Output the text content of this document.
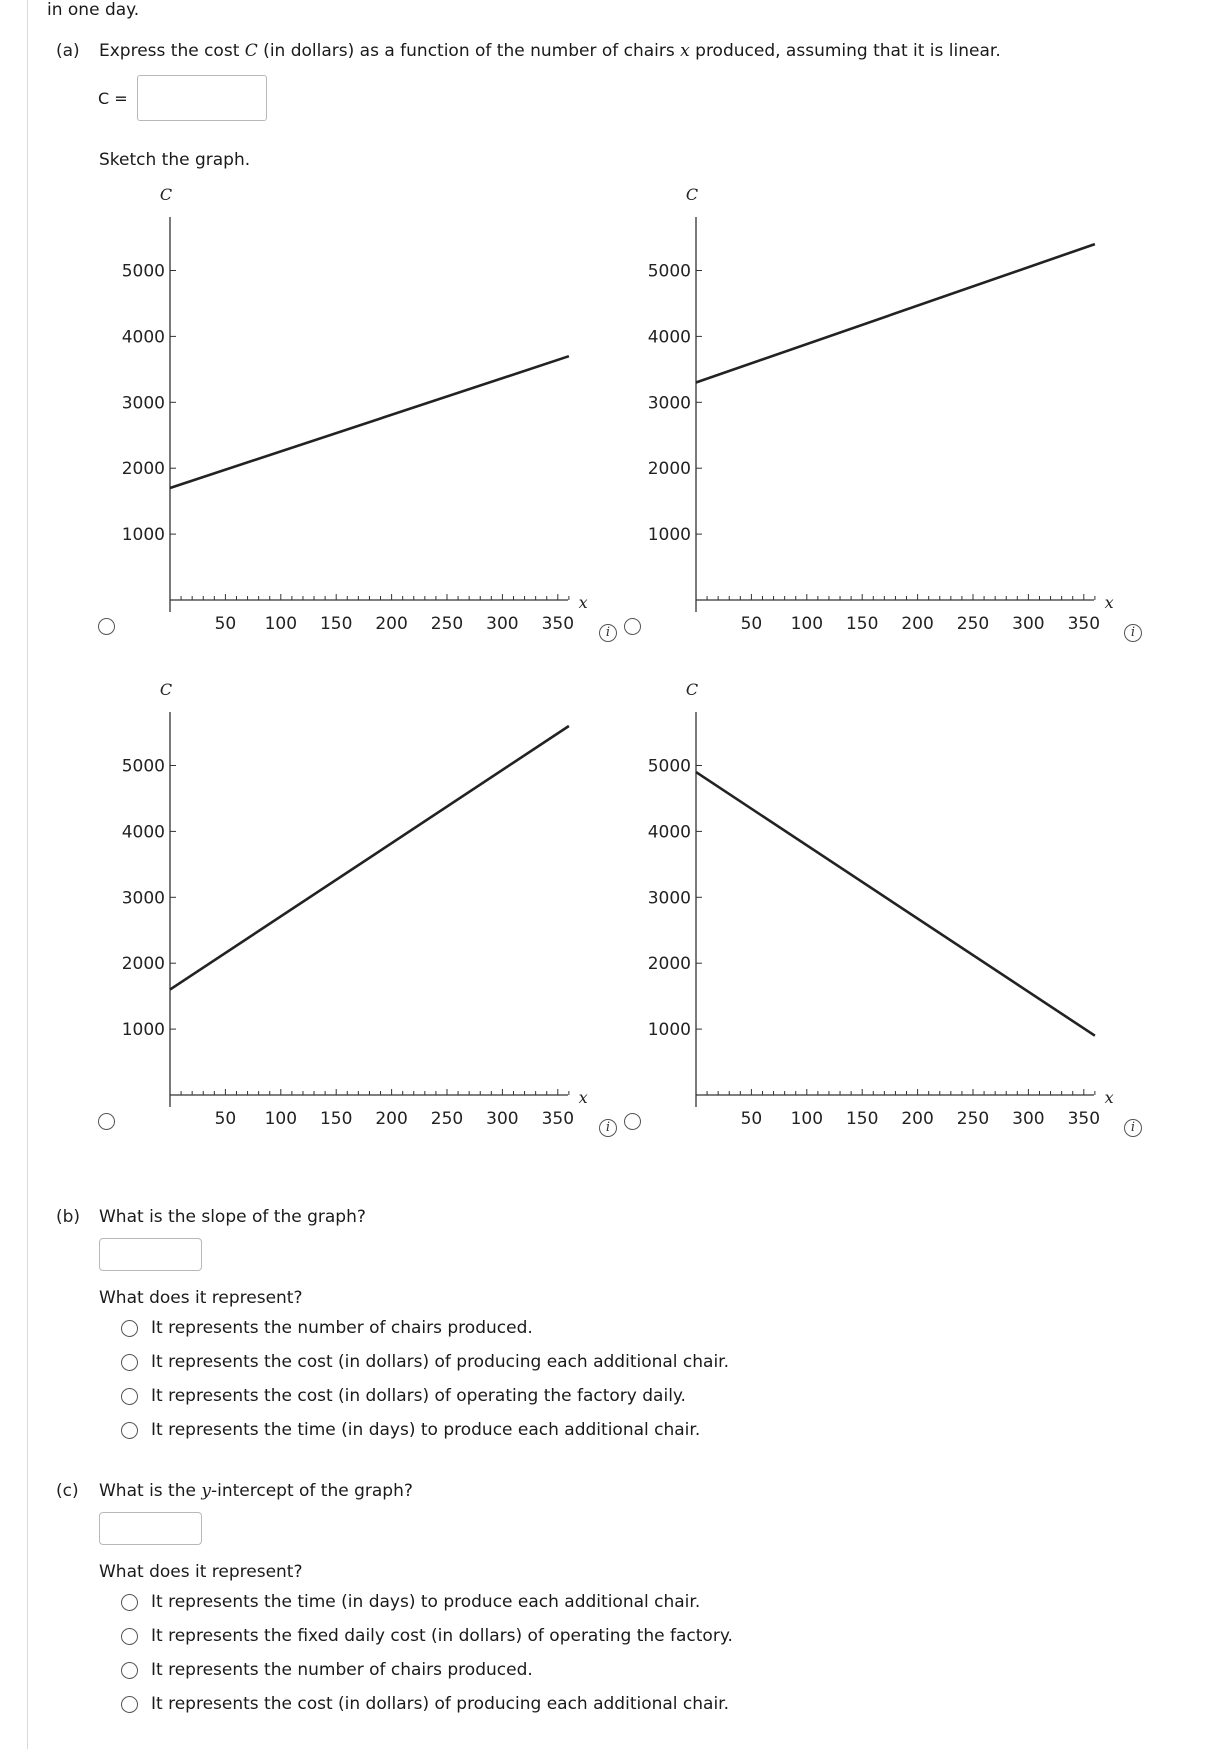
in one day.
(a) Express the cost C (in dollars) as a function of the number of chairs x produced, assuming that it is linear.
C =
Sketch the graph.
i	i
i	i
1000
2000
3000
4000
5000
50 100 150 200 250 300 350
C
x
1000
2000
3000
4000
5000
50 100 150 200 250 300 350
C
x
1000
2000
3000
4000
5000
50 100 150 200 250 300 350
C
x
1000
2000
3000
4000
5000
50 100 150 200 250 300 350
C
x
(b) What is the slope of the graph?
What does it represent?
It represents the number of chairs produced.
It represents the cost (in dollars) of producing each additional chair.
It represents the cost (in dollars) of operating the factory daily.
It represents the time (in days) to produce each additional chair.
(c) What is the y-intercept of the graph?
What does it represent?
It represents the time (in days) to produce each additional chair.
It represents the fixed daily cost (in dollars) of operating the factory.
It represents the number of chairs produced.
It represents the cost (in dollars) of producing each additional chair.
